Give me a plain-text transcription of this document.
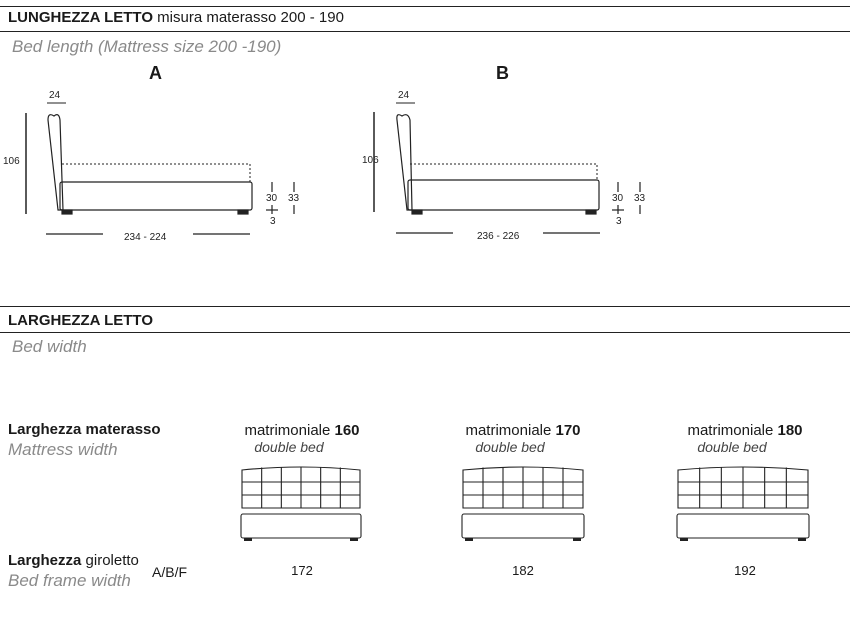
LUNGHEZZA LETTO misura materasso 200 - 190
Bed length (Mattress size 200 -190)
A
24
106
234 - 224
30
3
33
B
24
106
236 - 226
30
3
33
LARGHEZZA LETTO
Bed width
Larghezza materasso
Mattress width
Larghezza giroletto
Bed frame width A/B/F
matrimoniale 160
double bed
172
matrimoniale 170
double bed
182
matrimoniale 180
double bed
192
